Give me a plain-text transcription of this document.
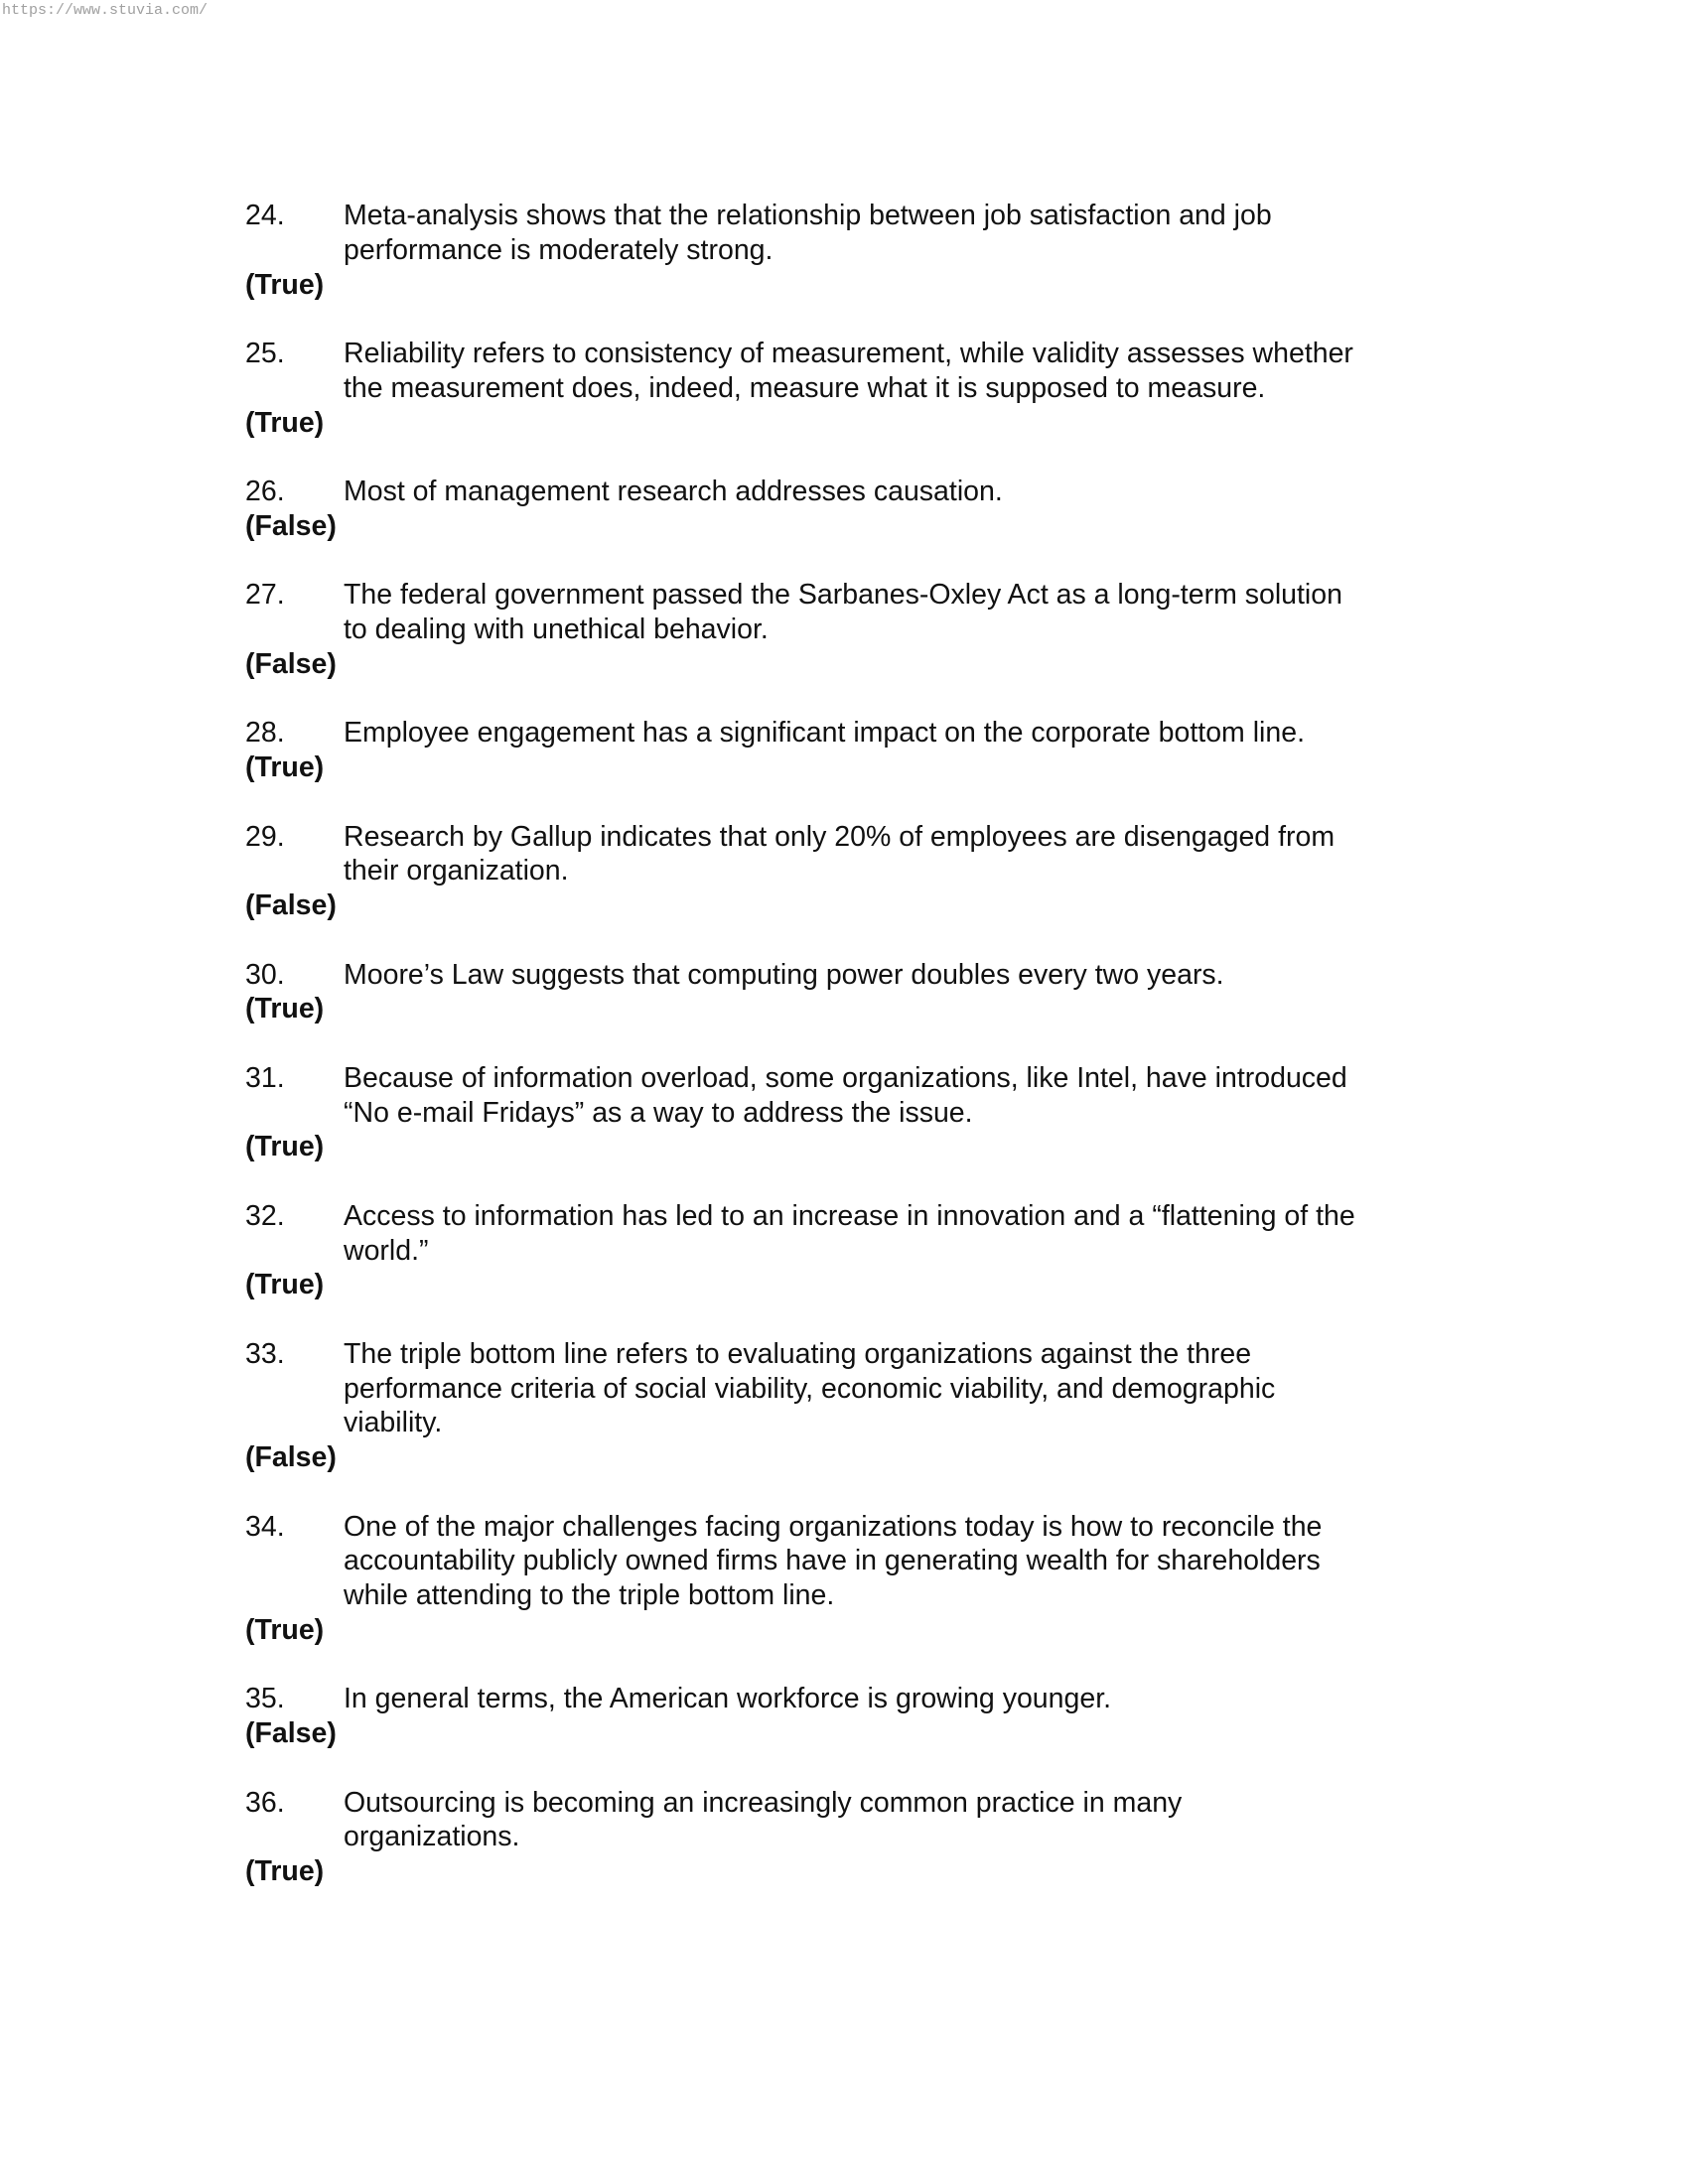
https://www.stuvia.com/
24.	Meta-analysis shows that the relationship between job satisfaction and job
performance is moderately strong.
(True)
25.	Reliability refers to consistency of measurement, while validity assesses whether
the measurement does, indeed, measure what it is supposed to measure.
(True)
26.	Most of management research addresses causation.
(False)
27.	The federal government passed the Sarbanes-Oxley Act as a long-term solution
to dealing with unethical behavior.
(False)
28.	Employee engagement has a significant impact on the corporate bottom line.
(True)
29.	Research by Gallup indicates that only 20% of employees are disengaged from
their organization.
(False)
30.	Moore’s Law suggests that computing power doubles every two years.
(True)
31.	Because of information overload, some organizations, like Intel, have introduced
“No e-mail Fridays” as a way to address the issue.
(True)
32.	Access to information has led to an increase in innovation and a “flattening of the
world.”
(True)
33.	The triple bottom line refers to evaluating organizations against the three
performance criteria of social viability, economic viability, and demographic
viability.
(False)
34.	One of the major challenges facing organizations today is how to reconcile the
accountability publicly owned firms have in generating wealth for shareholders
while attending to the triple bottom line.
(True)
35.	In general terms, the American workforce is growing younger.
(False)
36.	Outsourcing is becoming an increasingly common practice in many
organizations.
(True)
